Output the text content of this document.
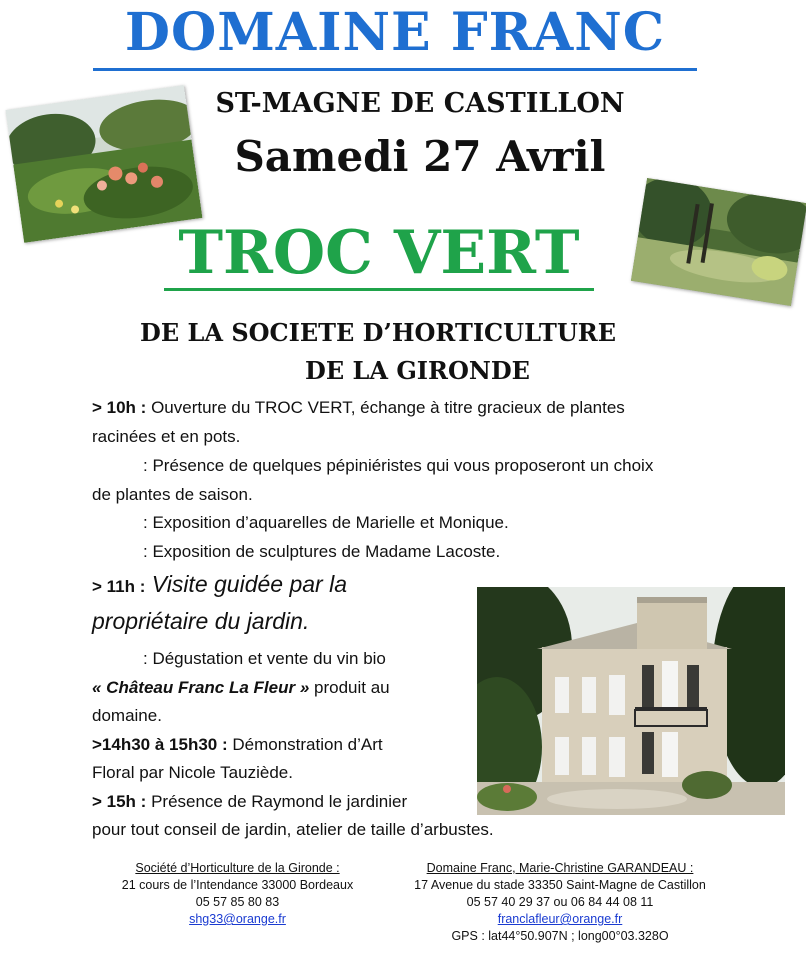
DOMAINE FRANC
ST-MAGNE DE CASTILLON
Samedi 27 Avril
TROC VERT
DE LA SOCIETE D’HORTICULTURE
DE LA GIRONDE
> 10h : Ouverture du TROC VERT, échange à titre gracieux de plantes
racinées et en pots.
: Présence de quelques pépiniéristes qui vous proposeront un choix
de plantes de saison.
: Exposition d’aquarelles de Marielle et Monique.
: Exposition de sculptures de Madame Lacoste.
> 11h : Visite guidée par la
propriétaire du jardin.
: Dégustation et vente du vin bio
« Château Franc La Fleur » produit au
domaine.
>14h30 à 15h30 : Démonstration d’Art
Floral par Nicole Tauziède.
> 15h : Présence de Raymond le jardinier
pour tout conseil de jardin, atelier de taille d’arbustes.
Société d’Horticulture de la Gironde :
21 cours de l’Intendance 33000 Bordeaux
05 57 85 80 83
shg33@orange.fr
Domaine Franc, Marie-Christine GARANDEAU :
17 Avenue du stade 33350 Saint-Magne de Castillon
05 57 40 29 37 ou 06 84 44 08 11
franclafleur@orange.fr
GPS : lat44°50.907N ; long00°03.328O
